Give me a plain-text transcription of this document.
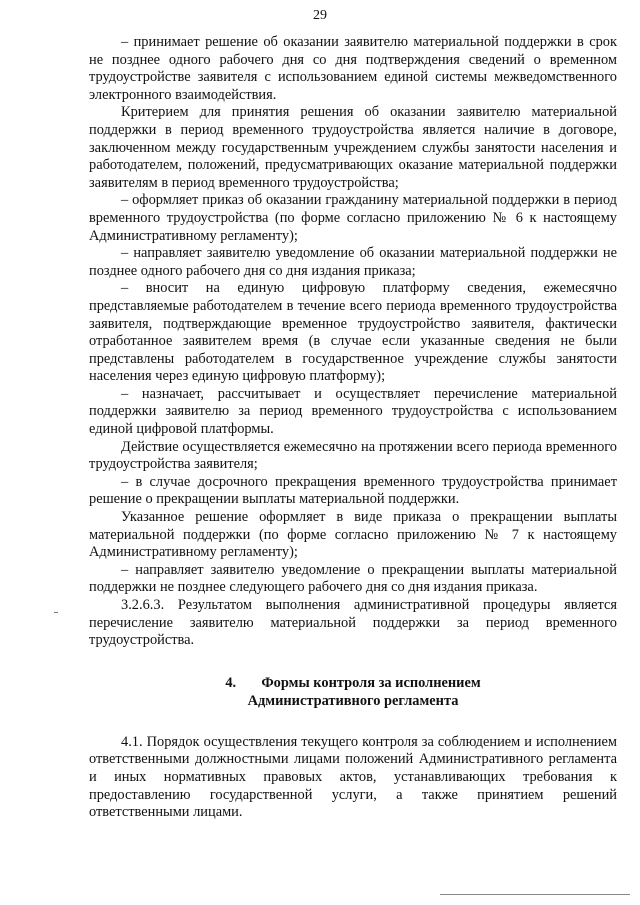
29

– принимает решение об оказании заявителю материальной поддержки в срок не позднее одного рабочего дня со дня подтверждения сведений о временном трудоустройстве заявителя с использованием единой системы межведомственного электронного взаимодействия.

Критерием для принятия решения об оказании заявителю материальной поддержки в период временного трудоустройства является наличие в договоре, заключенном между государственным учреждением службы занятости населения и работодателем, положений, предусматривающих оказание материальной поддержки заявителям в период временного трудоустройства;

– оформляет приказ об оказании гражданину материальной поддержки в период временного трудоустройства (по форме согласно приложению № 6 к настоящему Административному регламенту);

– направляет заявителю уведомление об оказании материальной поддержки не позднее одного рабочего дня со дня издания приказа;

– вносит на единую цифровую платформу сведения, ежемесячно представляемые работодателем в течение всего периода временного трудоустройства заявителя, подтверждающие временное трудоустройство заявителя, фактически отработанное заявителем время (в случае если указанные сведения не были представлены работодателем в государственное учреждение службы занятости населения через единую цифровую платформу);

– назначает, рассчитывает и осуществляет перечисление материальной поддержки заявителю за период временного трудоустройства с использованием единой цифровой платформы.

Действие осуществляется ежемесячно на протяжении всего периода временного трудоустройства заявителя;

– в случае досрочного прекращения временного трудоустройства принимает решение о прекращении выплаты материальной поддержки.

Указанное решение оформляет в виде приказа о прекращении выплаты материальной поддержки (по форме согласно приложению № 7 к настоящему Административному регламенту);

– направляет заявителю уведомление о прекращении выплаты материальной поддержки не позднее следующего рабочего дня со дня издания приказа.

3.2.6.3. Результатом выполнения административной процедуры является перечисление заявителю материальной поддержки за период временного трудоустройства.

4. Формы контроля за исполнением
Административного регламента

4.1. Порядок осуществления текущего контроля за соблюдением и исполнением ответственными должностными лицами положений Административного регламента и иных нормативных правовых актов, устанавливающих требования к предоставлению государственной услуги, а также принятием решений ответственными лицами.
